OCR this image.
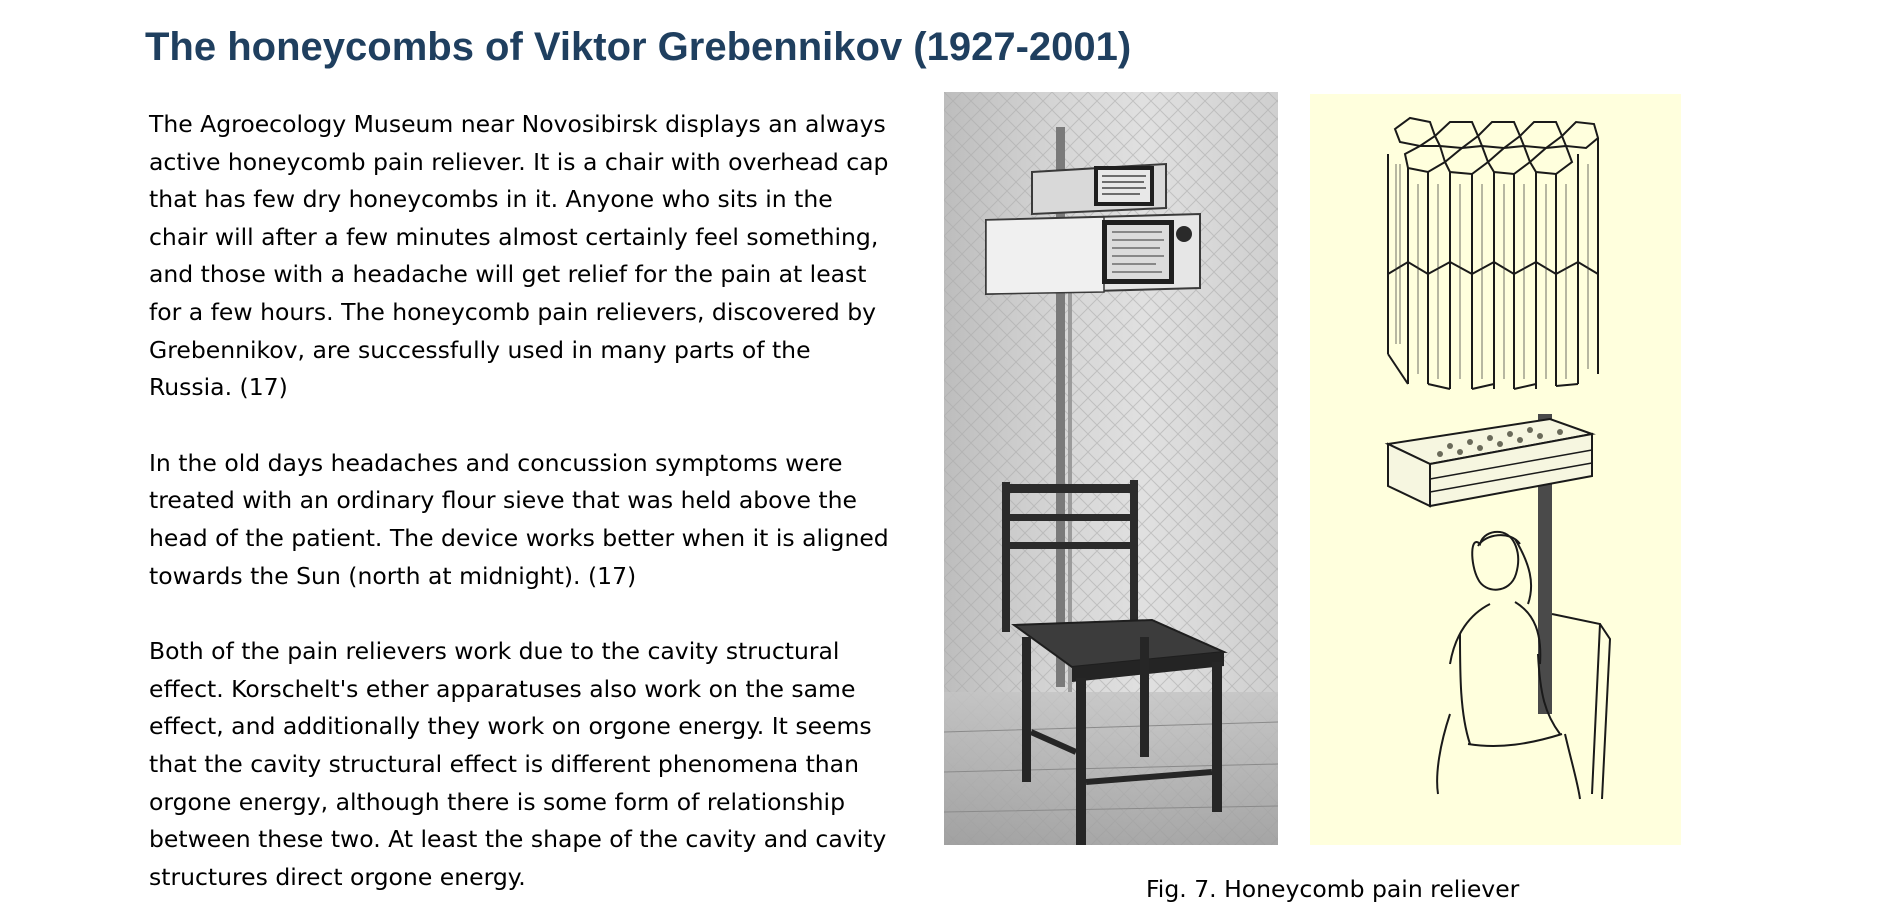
The honeycombs of Viktor Grebennikov (1927-2001)

The Agroecology Museum near Novosibirsk displays an always
active honeycomb pain reliever. It is a chair with overhead cap
that has few dry honeycombs in it. Anyone who sits in the
chair will after a few minutes almost certainly feel something,
and those with a headache will get relief for the pain at least
for a few hours. The honeycomb pain relievers, discovered by
Grebennikov, are successfully used in many parts of the
Russia. (17)

In the old days headaches and concussion symptoms were
treated with an ordinary flour sieve that was held above the
head of the patient. The device works better when it is aligned
towards the Sun (north at midnight). (17)

Both of the pain relievers work due to the cavity structural
effect. Korschelt's ether apparatuses also work on the same
effect, and additionally they work on orgone energy. It seems
that the cavity structural effect is different phenomena than
orgone energy, although there is some form of relationship
between these two. At least the shape of the cavity and cavity
structures direct orgone energy.	Fig. 7. Honeycomb pain reliever
